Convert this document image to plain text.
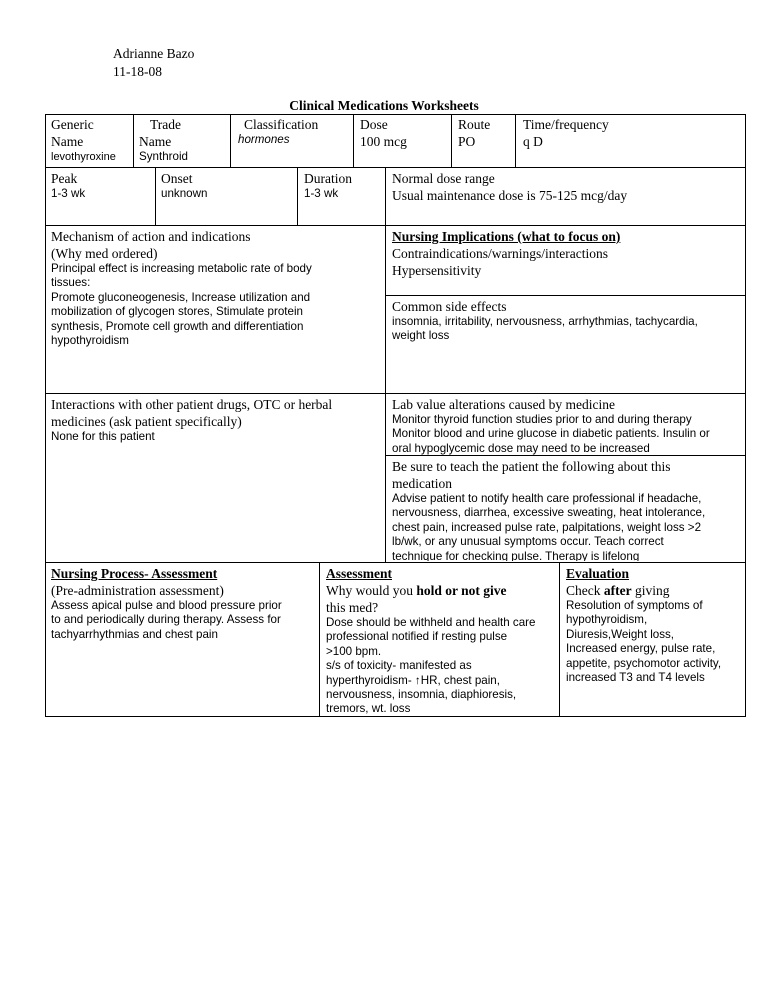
Adrianne Bazo
11-18-08
Clinical Medications Worksheets
Generic
Name
levothyroxine
Trade
Name
Synthroid
Classification
hormones
Dose
100 mcg
Route
PO
Time/frequency
q D
Peak
1-3 wk
Onset
unknown
Duration
1-3 wk
Normal dose range
Usual maintenance dose is 75-125 mcg/day
Mechanism of action and indications
(Why med ordered)
Principal effect is increasing metabolic rate of body
tissues:
Promote gluconeogenesis, Increase utilization and
mobilization of glycogen stores, Stimulate protein
synthesis, Promote cell growth and differentiation
hypothyroidism
Nursing Implications (what to focus on)
Contraindications/warnings/interactions
Hypersensitivity
Common side effects
insomnia, irritability, nervousness, arrhythmias, tachycardia,
weight loss
Interactions with other patient drugs, OTC or herbal
medicines (ask patient specifically)
None for this patient
Lab value alterations caused by medicine
Monitor thyroid function studies prior to and during therapy
Monitor blood and urine glucose in diabetic patients. Insulin or
oral hypoglycemic dose may need to be increased
Be sure to teach the patient the following about this
medication
Advise patient to notify health care professional if headache,
nervousness, diarrhea, excessive sweating, heat intolerance,
chest pain, increased pulse rate, palpitations, weight loss >2
lb/wk, or any unusual symptoms occur. Teach correct
technique for checking pulse. Therapy is lifelong
Nursing Process- Assessment
(Pre-administration assessment)
Assess apical pulse and blood pressure prior
to and periodically during therapy. Assess for
tachyarrhythmias and chest pain
Assessment
Why would you hold or not give
this med?
Dose should be withheld and health care
professional notified if resting pulse
>100 bpm.
s/s of toxicity- manifested as
hyperthyroidism- ↑HR, chest pain,
nervousness, insomnia, diaphioresis,
tremors, wt. loss
Evaluation
Check after giving
Resolution of symptoms of
hypothyroidism,
Diuresis,Weight loss,
Increased energy, pulse rate,
appetite, psychomotor activity,
increased T3 and T4 levels
